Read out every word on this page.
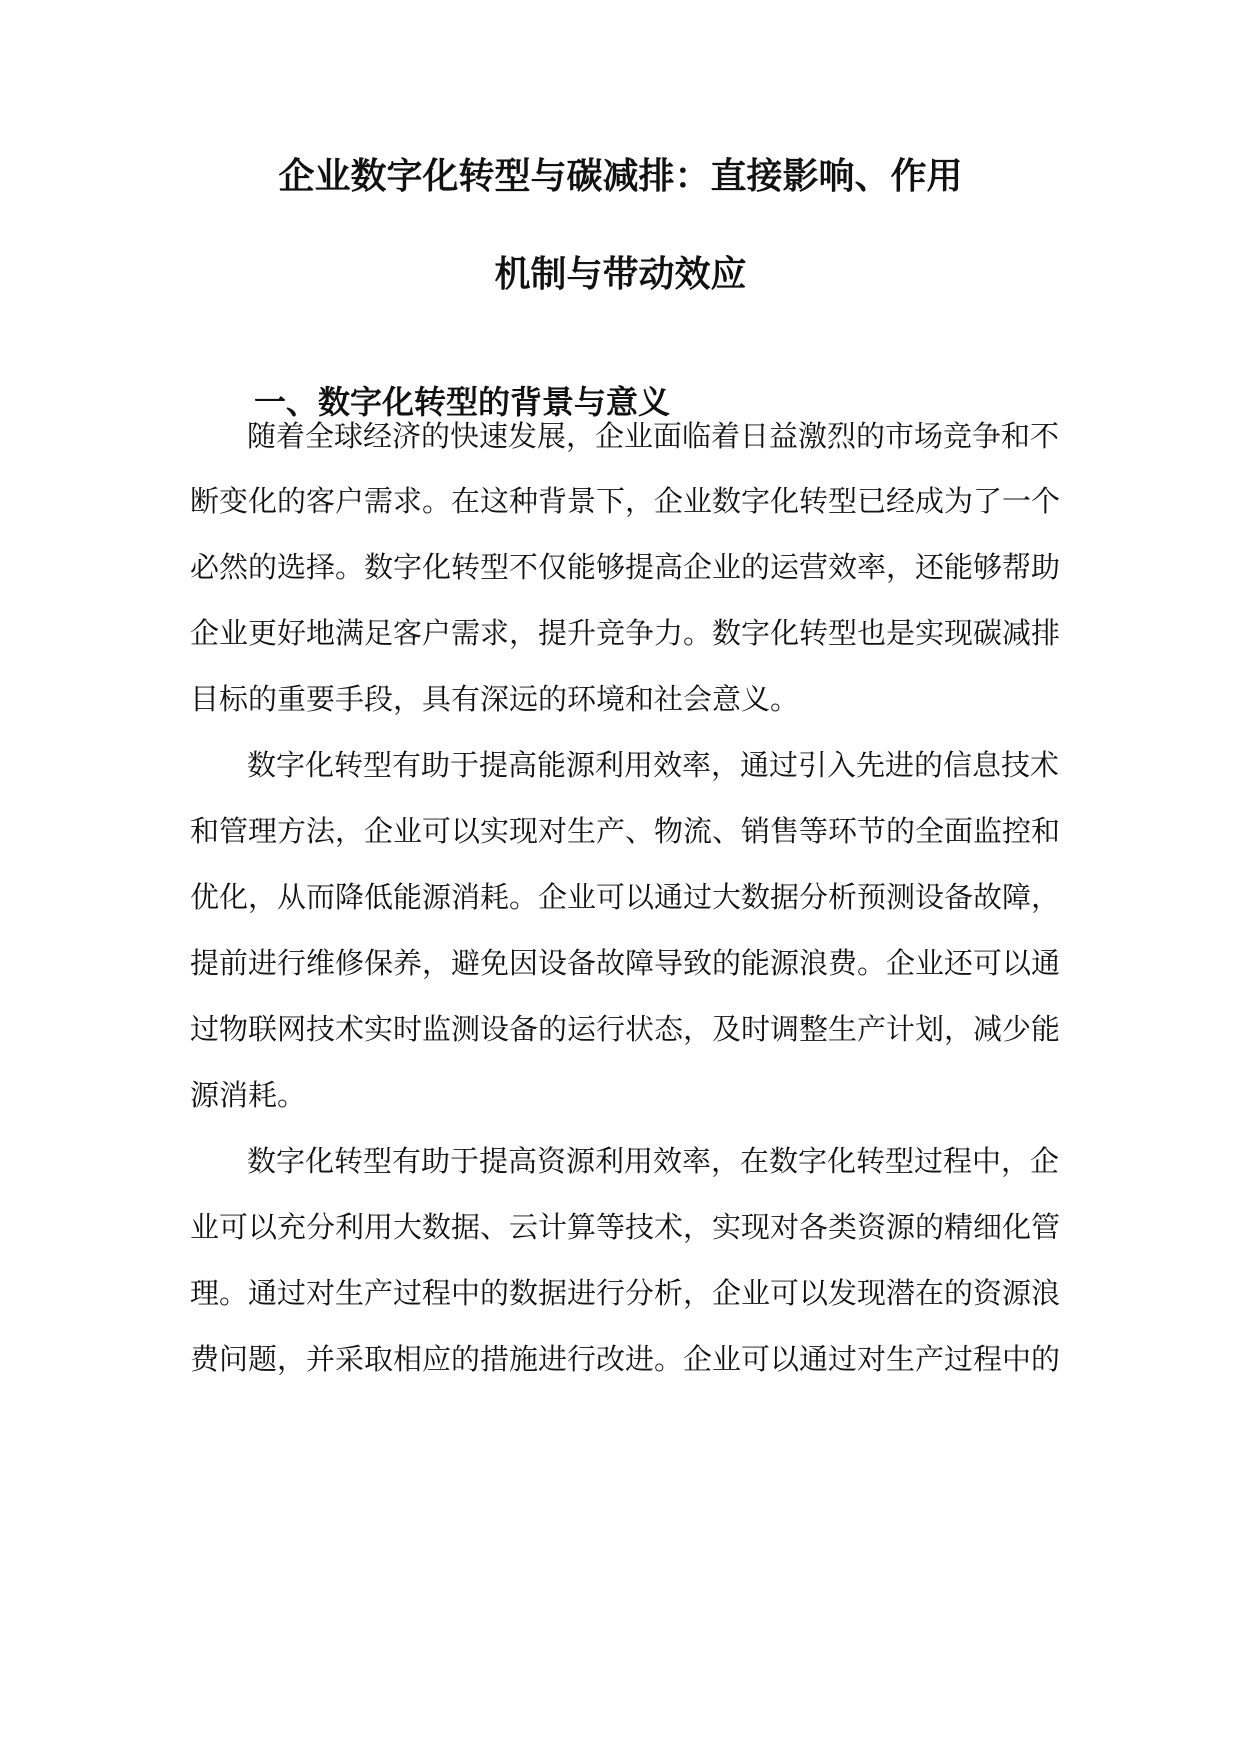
企业数字化转型与碳减排：直接影响、作用
机制与带动效应
一、数字化转型的背景与意义

随着全球经济的快速发展，企业面临着日益激烈的市场竞争和不

断变化的客户需求。在这种背景下，企业数字化转型已经成为了一个

必然的选择。数字化转型不仅能够提高企业的运营效率，还能够帮助

企业更好地满足客户需求，提升竞争力。数字化转型也是实现碳减排

目标的重要手段，具有深远的环境和社会意义。

数字化转型有助于提高能源利用效率，通过引入先进的信息技术

和管理方法，企业可以实现对生产、物流、销售等环节的全面监控和

优化，从而降低能源消耗。企业可以通过大数据分析预测设备故障，

提前进行维修保养，避免因设备故障导致的能源浪费。企业还可以通

过物联网技术实时监测设备的运行状态，及时调整生产计划，减少能

源消耗。

数字化转型有助于提高资源利用效率，在数字化转型过程中，企

业可以充分利用大数据、云计算等技术，实现对各类资源的精细化管

理。通过对生产过程中的数据进行分析，企业可以发现潜在的资源浪

费问题，并采取相应的措施进行改进。企业可以通过对生产过程中的
